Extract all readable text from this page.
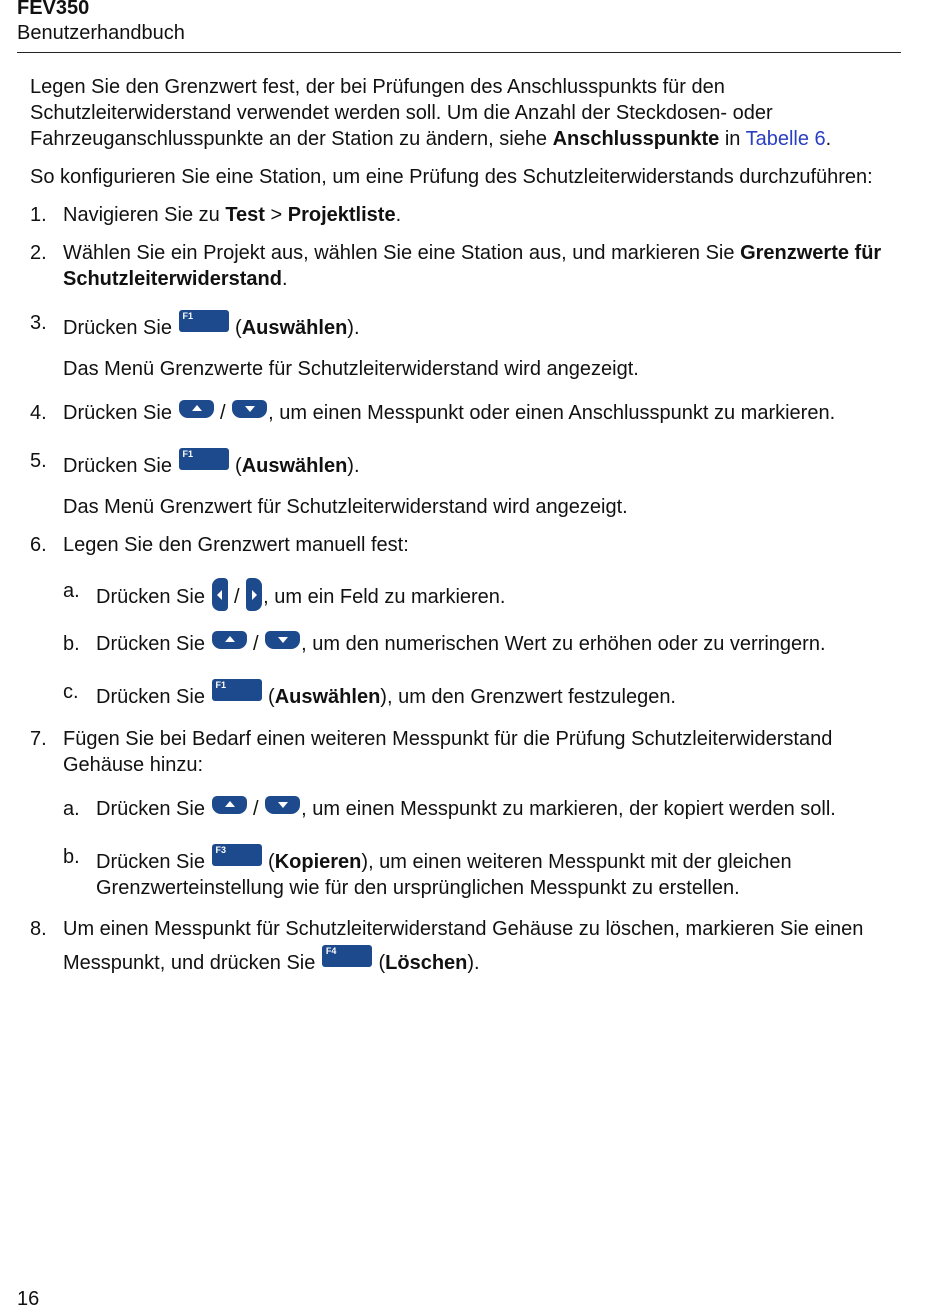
FEV350
Benutzerhandbuch

Legen Sie den Grenzwert fest, der bei Prüfungen des Anschlusspunkts für den Schutzleiterwiderstand verwendet werden soll. Um die Anzahl der Steckdosen- oder Fahrzeuganschlusspunkte an der Station zu ändern, siehe Anschlusspunkte in Tabelle 6.

So konfigurieren Sie eine Station, um eine Prüfung des Schutzleiterwiderstands durchzuführen:

1. Navigieren Sie zu Test > Projektliste.
2. Wählen Sie ein Projekt aus, wählen Sie eine Station aus, und markieren Sie Grenzwerte für Schutzleiterwiderstand.
3. Drücken Sie
F1
(Auswählen).

Das Menü Grenzwerte für Schutzleiterwiderstand wird angezeigt.

4. Drücken Sie
/
, um einen Messpunkt oder einen Anschlusspunkt zu markieren.
5. Drücken Sie
F1
(Auswählen).

Das Menü Grenzwert für Schutzleiterwiderstand wird angezeigt.

6. Legen Sie den Grenzwert manuell fest:
a. Drücken Sie
/
, um ein Feld zu markieren.
b. Drücken Sie
/
, um den numerischen Wert zu erhöhen oder zu verringern.
c. Drücken Sie
F1
(Auswählen), um den Grenzwert festzulegen.
7. Fügen Sie bei Bedarf einen weiteren Messpunkt für die Prüfung Schutzleiterwiderstand Gehäuse hinzu:
a. Drücken Sie
/
, um einen Messpunkt zu markieren, der kopiert werden soll.
b. Drücken Sie
F3
(Kopieren), um einen weiteren Messpunkt mit der gleichen Grenzwerteinstellung wie für den ursprünglichen Messpunkt zu erstellen.
8. Um einen Messpunkt für Schutzleiterwiderstand Gehäuse zu löschen, markieren Sie einen Messpunkt, und drücken Sie
F4
(Löschen).
16
